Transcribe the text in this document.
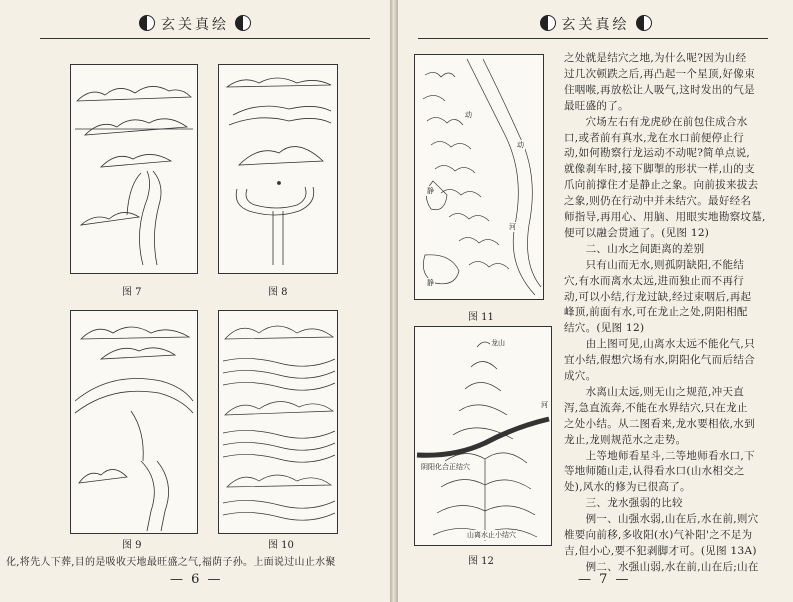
玄关真绘
图 7	图 8
图 9	图 10
化,将先人下葬,目的是吸收天地最旺盛之气,福荫子孙。上面说过山止水聚
— 6 —
玄关真绘
静
动
动
静
河
图 11
龙山
河
阴阳化合正结穴
山离水止小结穴
图 12
之处就是结穴之地,为什么呢?因为山经
过几次顿跌之后,再凸起一个星顶,好像束
住咽喉,再放松让人吸气,这时发出的气是
最旺盛的了。
　　穴场左右有龙虎砂在前包住成合水
口,或者前有真水,龙在水口前便停止行
动,如何勘察行龙运动不动呢?简单点说,
就像刹车时,接下脚掣的形状一样,山的支
爪向前撑住才是静止之象。向前拔来拔去
之象,则仍在行动中并未结穴。最好经名
师指导,再用心、用脑、用眼实地勘察坟墓,
便可以融会贯通了。(见图 12)
　　二、山水之间距离的差别
　　只有山而无水,则孤阴缺阳,不能结
穴,有水而离水太远,进而独止而不再行
动,可以小结,行龙过缺,经过束咽后,再起
峰顶,前面有水,可在龙止之处,阴阳相配
结穴。(见图 12)
　　由上图可见,山离水太远不能化气,只
宜小结,假想穴场有水,阴阳化气而后结合
成穴。
　　水离山太远,则无山之规范,冲天直
泻,急直流奔,不能在水界结穴,只在龙止
之处小结。从二图看来,龙水要相依,水到
龙止,龙则规范水之走势。
　　上等地师看星斗,二等地师看水口,下
等地师随山走,认得看水口(山水相交之
处),风水的修为已很高了。
　　三、龙水强弱的比较
　　例一、山强水弱,山在后,水在前,则穴
椎要向前移,多收阳(水)气补阳'之不足为
吉,但小心,要不犯剥脚才可。(见图 13A)
　　例二、水强山弱,水在前,山在后;山在
— 7 —
